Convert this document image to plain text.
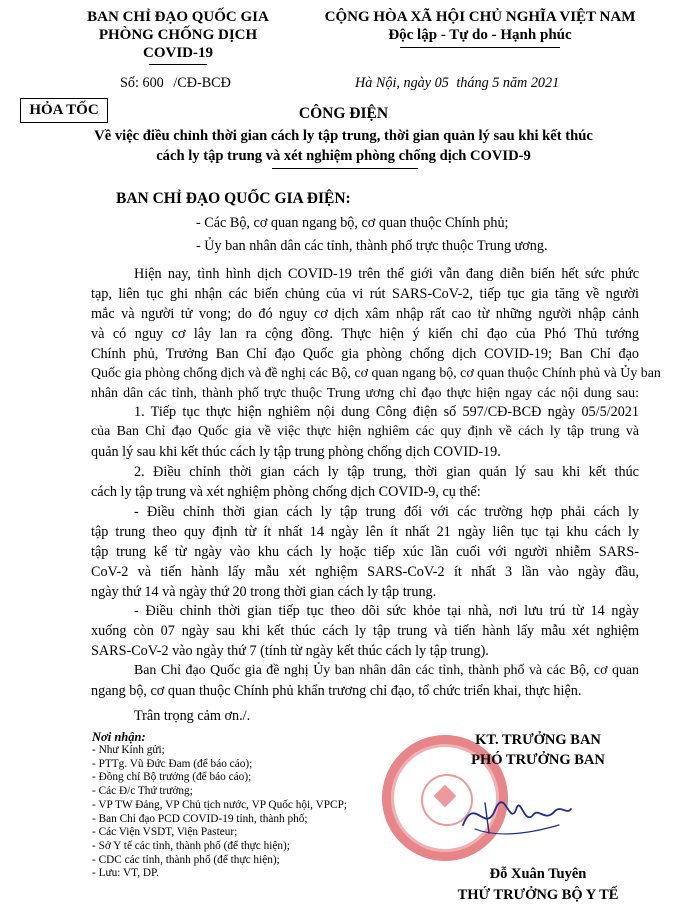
BAN CHỈ ĐẠO QUỐC GIA
PHÒNG CHỐNG DỊCH
COVID-19
Số: 600 /CĐ-BCĐ
CỘNG HÒA XÃ HỘI CHỦ NGHĨA VIỆT NAM
Độc lập - Tự do - Hạnh phúc
Hà Nội, ngày 05 tháng 5 năm 2021
HỎA TỐC	CÔNG ĐIỆN
Về việc điều chỉnh thời gian cách ly tập trung, thời gian quản lý sau khi kết thúc
cách ly tập trung và xét nghiệm phòng chống dịch COVID-9
BAN CHỈ ĐẠO QUỐC GIA ĐIỆN:
- Các Bộ, cơ quan ngang bộ, cơ quan thuộc Chính phủ;
- Ủy ban nhân dân các tỉnh, thành phố trực thuộc Trung ương.
Hiện nay, tình hình dịch COVID-19 trên thế giới vẫn đang diễn biến hết sức phức
tạp, liên tục ghi nhận các biến chủng của vi rút SARS-CoV-2, tiếp tục gia tăng về người
mắc và người tử vong; do đó nguy cơ dịch xâm nhập rất cao từ những người nhập cảnh
và có nguy cơ lây lan ra cộng đồng. Thực hiện ý kiến chỉ đạo của Phó Thủ tướng
Chính phủ, Trưởng Ban Chỉ đạo Quốc gia phòng chống dịch COVID-19; Ban Chỉ đạo
Quốc gia phòng chống dịch và đề nghị các Bộ, cơ quan ngang bộ, cơ quan thuộc Chính phủ và Ủy ban
nhân dân các tỉnh, thành phố trực thuộc Trung ương chỉ đạo thực hiện ngay các nội dung sau:
1. Tiếp tục thực hiện nghiêm nội dung Công điện số 597/CĐ-BCĐ ngày 05/5/2021
của Ban Chỉ đạo Quốc gia về việc thực hiện nghiêm các quy định về cách ly tập trung và
quản lý sau khi kết thúc cách ly tập trung phòng chống dịch COVID-19.
2. Điều chỉnh thời gian cách ly tập trung, thời gian quản lý sau khi kết thúc
cách ly tập trung và xét nghiệm phòng chống dịch COVID-9, cụ thể:
- Điều chỉnh thời gian cách ly tập trung đối với các trường hợp phải cách ly
tập trung theo quy định từ ít nhất 14 ngày lên ít nhất 21 ngày liên tục tại khu cách ly
tập trung kể từ ngày vào khu cách ly hoặc tiếp xúc lần cuối với người nhiễm SARS-
CoV-2 và tiến hành lấy mẫu xét nghiệm SARS-CoV-2 ít nhất 3 lần vào ngày đầu,
ngày thứ 14 và ngày thứ 20 trong thời gian cách ly tập trung.
- Điều chỉnh thời gian tiếp tục theo dõi sức khỏe tại nhà, nơi lưu trú từ 14 ngày
xuống còn 07 ngày sau khi kết thúc cách ly tập trung và tiến hành lấy mẫu xét nghiệm
SARS-CoV-2 vào ngày thứ 7 (tính từ ngày kết thúc cách ly tập trung).
Ban Chỉ đạo Quốc gia đề nghị Ủy ban nhân dân các tỉnh, thành phố và các Bộ, cơ quan
ngang bộ, cơ quan thuộc Chính phủ khẩn trương chỉ đạo, tổ chức triển khai, thực hiện.
Trân trọng cảm ơn./.
Nơi nhận:
- Như Kính gửi;
- PTTg. Vũ Đức Đam (để báo cáo);
- Đồng chí Bộ trưởng (để báo cáo);
- Các Đ/c Thứ trưởng;
- VP TW Đảng, VP Chủ tịch nước, VP Quốc hội, VPCP;
- Ban Chỉ đạo PCD COVID-19 tỉnh, thành phố;
- Các Viện VSDT, Viện Pasteur;
- Sở Y tế các tỉnh, thành phố (để thực hiện);
- CDC các tỉnh, thành phố (để thực hiện);
- Lưu: VT, DP.
KT. TRƯỞNG BAN
PHÓ TRƯỞNG BAN
Đỗ Xuân Tuyên
THỨ TRƯỞNG BỘ Y TẾ
